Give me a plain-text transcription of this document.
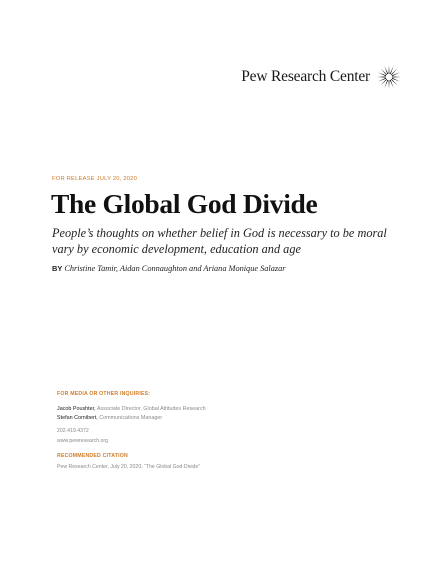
Pew Research Center
FOR RELEASE JULY 20, 2020
The Global God Divide

People’s thoughts on whether belief in God is necessary to be moral vary by economic development, education and age

BY Christine Tamir, Aidan Connaughton and Ariana Monique Salazar
FOR MEDIA OR OTHER INQUIRIES:
Jacob Poushter, Associate Director, Global Attitudes Research
Stefan Cornibert, Communications Manager
202.419.4372
www.pewresearch.org
RECOMMENDED CITATION
Pew Research Center, July 20, 2020, “The Global God Divide”
